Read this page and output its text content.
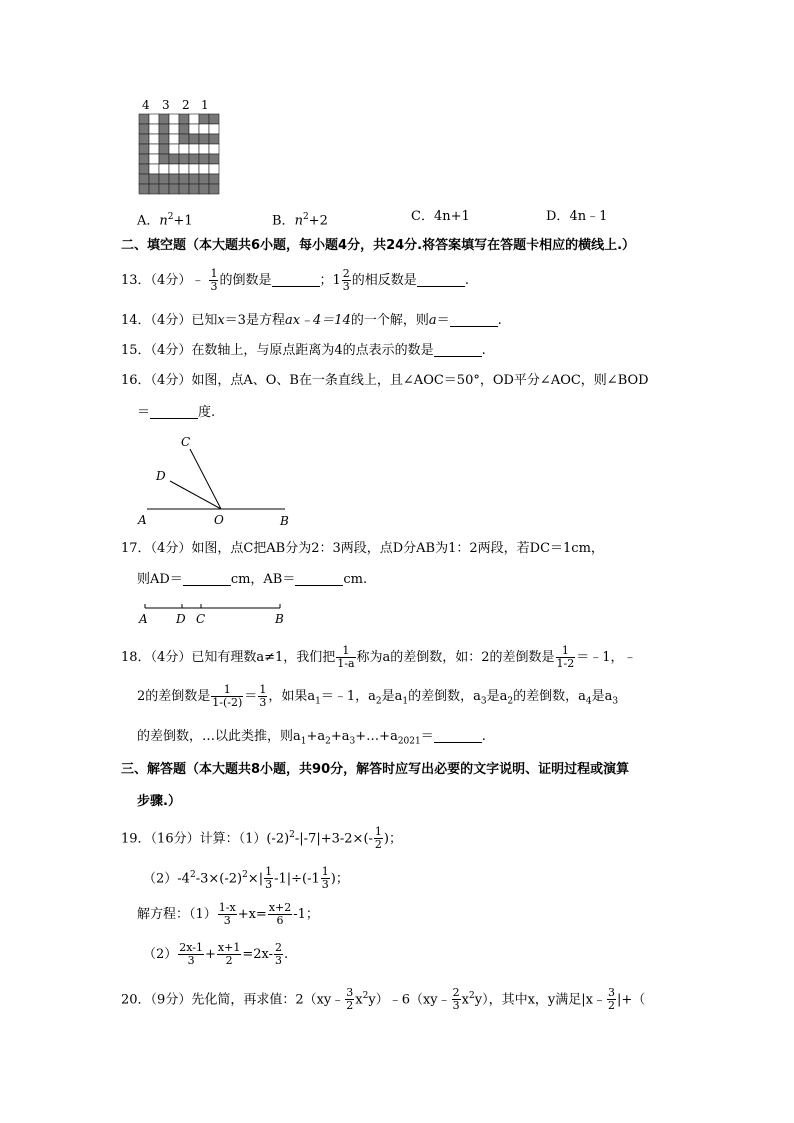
4 3 2 1
A．$n^2+1$	B．$n^2+2$	C．4n+1	D．4n﹣1
二、填空题（本大题共6小题，每小题4分，共24分.将答案填写在答题卡相应的横线上.）
13．（4分）﹣ $\frac{1}{3}$ 的倒数是	；$1 \frac{2}{3}$ 的相反数是	.
14．（4分）已知x＝3是方程ax﹣4＝14的一个解，则a＝	.
15．（4分）在数轴上，与原点距离为4的点表示的数是	.
16．（4分）如图，点A、O、B在一条直线上，且∠AOC＝50°，OD平分∠AOC，则∠BOD
＝	度.
C
D
A	O	B
17．（4分）如图，点C把AB分为2：3两段，点D分AB为1：2两段，若DC＝1cm，
则AD＝	cm，AB＝	cm.
A D C	B
18．（4分）已知有理数a≠1，我们把 $\frac{1}{1-a}$ 称为a的差倒数，如：2的差倒数是 $\frac{1}{1-2}$ ＝﹣1，﹣
2的差倒数是 $\frac{1}{1-(-2)} = \frac{1}{3}$ ，如果$a_1=﹣1$，$a_2$是$a_1$的差倒数，$a_3$是$a_2$的差倒数，$a_4$是$a_3$
的差倒数，…以此类推，则$a_1+a_2+a_3+\dots+a_{2021}=$	.
三、解答题（本大题共8小题，共90分，解答时应写出必要的文字说明、证明过程或演算
步骤.）
19．（16分）计算：$(1)(-2)^2-|-7|+3-2\times(- \frac{1}{2}$ )；
$(2)-4^2-3\times(-2)^2\times| \frac{1}{3} -1|\div(-1 \frac{1}{3}$ )；
解方程：$(1) \frac{1-x}{3} +x= \frac{x+2}{6} -1$；
$(2) \frac{2x-1}{3} + \frac{x+1}{2} =2x- \frac{2}{3}$ .
20．（9分）先化简，再求值：2（xy﹣ $\frac{3}{2}$ $x^2y)﹣6(xy﹣ \frac{2}{3} x^2y)$，其中x，y满足|x﹣ $\frac{3}{2}$ |+（
